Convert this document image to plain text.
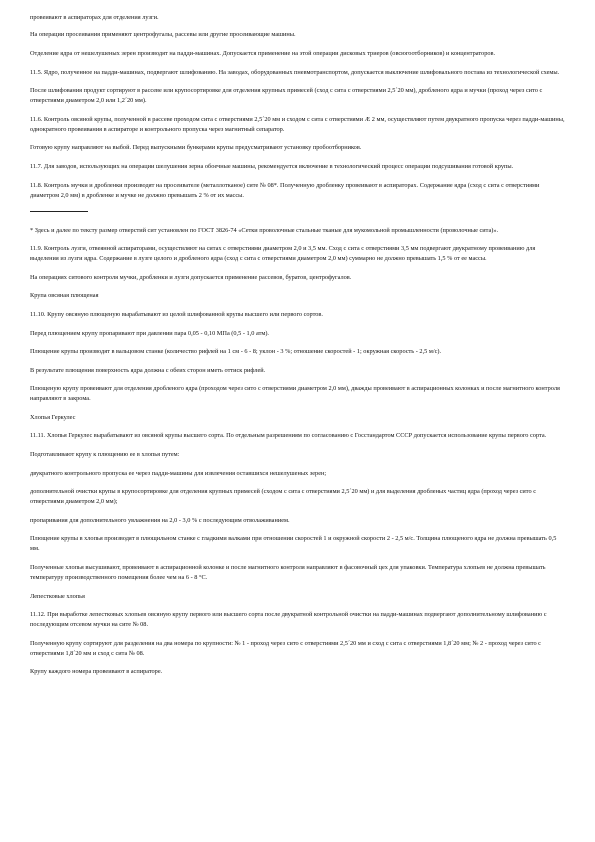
провеивают в аспираторах для отделения лузги.
На операции просеивания применяют центрофугалы, рассевы или другие просеивающие машины.
Отделение ядра от нешелушеных зерен производят на падди-машинах. Допускается применение на этой операции дисковых триеров (овсюгоотборников) и концентраторов.
11.5. Ядро, полученное на падди-машинах, подвергают шлифованию. На заводах, оборудованных пневмотранспортом, допускается выключение шлифовального постава из технологической схемы.
После шлифования продукт сортируют в рассеве или крупосортировке для отделения крупных примесей (сход с сита с отверстиями 2,5´20 мм), дробленого ядра и мучки (проход через сито с отверстиями диаметром 2,0 или 1,2´20 мм).
11.6. Контроль овсяной крупы, полученной в рассеве проходом сита с отверстиями 2,5´20 мм и сходом с сита с отверстиями Æ 2 мм, осуществляют путем двукратного пропуска через падди-машины, однократного провеивания в аспираторе и контрольного пропуска через магнитный сепаратор.
Готовую крупу направляют на выбой. Перед выпускными бункерами крупы предусматривают установку пробоотборников.
11.7. Для заводов, использующих на операции шелушения зерна обоечные машины, рекомендуется включение в технологический процесс операции подсушивания готовой крупы.
11.8. Контроль мучки и дробленки производят на просеивателе (металлотканое) сите № 08*. Полученную дробленку провеивают в аспираторах. Содержание ядра (сход с сита с отверстиями диаметром 2,0 мм) в дробленке и мучке не должно превышать 2 % от их массы.
* Здесь и далее по тексту размер отверстий сит установлен по ГОСТ 3826-74 «Сетки проволочные стальные тканые для мукомольной промышленности (проволочные сита)».
11.9. Контроль лузги, отвеянной аспираторами, осуществляют на ситах с отверстиями диаметром 2,0 и 3,5 мм. Сход с сита с отверстиями 3,5 мм подвергают двукратному провеиванию для выделения из лузги ядра. Содержание в лузге целого и дробленого ядра (сход с сита с отверстиями диаметром 2,0 мм) суммарно не должно превышать 1,5 % от ее массы.
На операциях ситового контроля мучки, дробленки и лузги допускается применение рассевов, буратов, центрофугалов.
Крупа овсяная плющеная
11.10. Крупу овсяную плющеную вырабатывают из целой шлифованной крупы высшего или первого сортов.
Перед плющением крупу пропаривают при давлении пара 0,05 - 0,10 МПа (0,5 - 1,0 атм).
Плющение крупы производят в вальцовом станке (количество рифлей на 1 см - 6 - 8; уклон - 3 %; отношение скоростей - 1; окружная скорость - 2,5 м/с).
В результате плющения поверхность ядра должна с обеих сторон иметь оттиск рифлей.
Плющеную крупу провеивают для отделения дробленого ядра (проходом через сито с отверстиями диаметром 2,0 мм), дважды провеивают в аспирационных колонках и после магнитного контроля направляют в закрома.
Хлопья Геркулес
11.11. Хлопья Геркулес вырабатывают из овсяной крупы высшего сорта. По отдельным разрешениям по согласованию с Госстандартом СССР допускается использование крупы первого сорта.
Подготавливают крупу к плющению ее в хлопья путем:
двукратного контрольного пропуска ее через падди-машины для извлечения оставшихся нешелушеных зерен;
дополнительной очистки крупы в крупосортировке для отделения крупных примесей (сходом с сита с отверстиями 2,5´20 мм) и для выделения дробленых частиц ядра (проход через сито с отверстиями диаметром 2,0 мм);
пропаривания для дополнительного увлажнения на 2,0 - 3,0 % с последующим отволаживанием.
Плющение крупы в хлопья производят в плющильном станке с гладкими валками при отношении скоростей 1 и окружной скорости 2 - 2,5 м/с. Толщина плющеного ядра не должна превышать 0,5 мм.
Полученные хлопья высушивают, провеивают в аспирационной колонке и после магнитного контроля направляют в фасовочный цех для упаковки. Температура хлопьев не должна превышать температуру производственного помещения более чем на 6 - 8 °С.
Лепестковые хлопья
11.12. При выработке лепестковых хлопьев овсяную крупу первого или высшего сорта после двукратной контрольной очистки на падди-машинах подвергают дополнительному шлифованию с последующим отсевом мучки на сите № 08.
Полученную крупу сортируют для разделения на два номера по крупности: № 1 - проход через сито с отверстиями 2,5´20 мм и сход с сита с отверстиями 1,8´20 мм; № 2 - проход через сито с отверстиями 1,8´20 мм и сход с сита № 08.
Крупу каждого номера провеивают в аспираторе.
